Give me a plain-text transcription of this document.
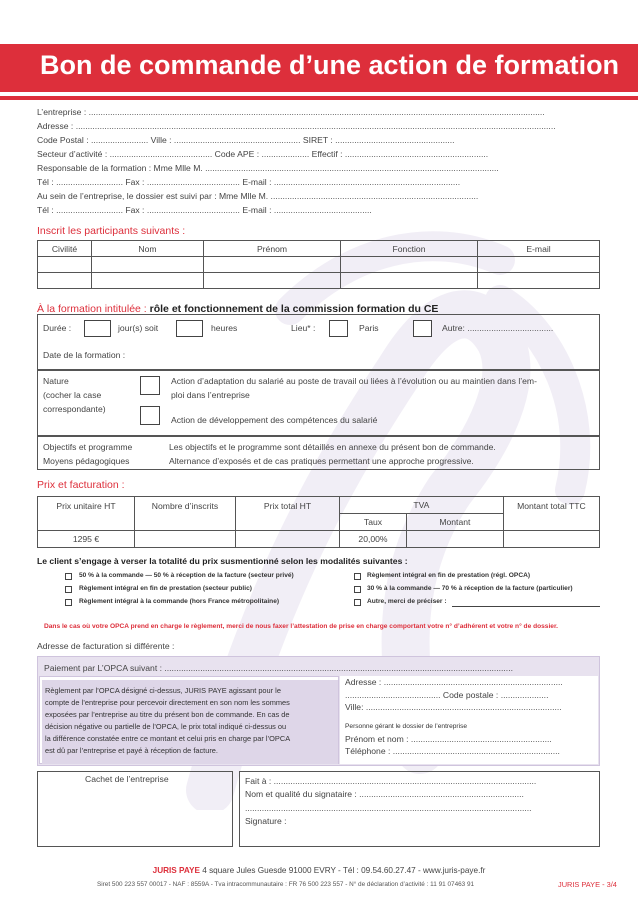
Bon de commande d’une action de formation
L’entreprise : ...............................................................................................................................................................................................
Adresse : .........................................................................................................................................................................................................
Code Postal : ........................ Ville : ..................................................... SIRET : ..................................................
Secteur d’activité : ........................................... Code APE : .................... Effectif : ............................................................
Responsable de la formation : Mme Mlle M. ...........................................................................................................................
Tél : ............................ Fax : ....................................... E-mail : ..............................................................................
Au sein de l’entreprise, le dossier est suivi par : Mme Mlle M. .......................................................................................
Tél : ............................ Fax : ....................................... E-mail : .........................................
Inscrit les participants suivants :
Civilité	Nom	Prénom	Fonction	E-mail

À la formation intitulée : rôle et fonctionnement de la commission formation du CE
Durée :	jour(s) soit	heures	Lieu* :	Paris	Autre: ....................................
Date de la formation :
Nature
(cocher la case
correspondante)
Action d’adaptation du salarié au poste de travail ou liées à l’évolution ou au maintien dans l’em-
ploi dans l’entreprise
Action de développement des compétences du salarié
Objectifs et programme	Les objectifs et le programme sont détaillés en annexe du présent bon de commande.
Moyens pédagogiques	Alternance d’exposés et de cas pratiques permettant une approche progressive.
Prix et facturation :
Prix unitaire HT	Nombre d’inscrits	Prix total HT	TVA		Montant total TTC
			Taux	Montant	
1295 €			20,00%		
Le client s’engage à verser la totalité du prix susmentionné selon les modalités suivantes :
50 % à la commande — 50 % à réception de la facture (secteur privé)
Règlement intégral en fin de prestation (secteur public)
Règlement intégral à la commande (hors France métropolitaine)
Règlement intégral en fin de prestation (régl. OPCA)
30 % à la commande — 70 % à réception de la facture (particulier)
Autre, merci de préciser :
Dans le cas où votre OPCA prend en charge le règlement, merci de nous faxer l’attestation de prise en charge comportant votre n° d’adhérent et votre n° de dossier.
Adresse de facturation si différente :
Paiement par L’OPCA suivant : ..................................................................................................................................................
Règlement par l’OPCA désigné ci-dessus, JURIS PAYE agissant pour le
compte de l’entreprise pour percevoir directement en son nom les sommes
exposées par l’entreprise au titre du présent bon de commande. En cas de
décision négative ou partielle de l’OPCA, le prix total indiqué ci-dessus ou
la différence constatée entre ce montant et celui pris en charge par l’OPCA
est dû par l’entreprise et payé à réception de facture.
Adresse : ...........................................................................
........................................ Code postale : ....................
Ville: ..................................................................................
Personne gérant le dossier de l’entreprise
Prénom et nom : ...........................................................
Téléphone : ......................................................................
Cachet de l’entreprise	Fait à : ..............................................................................................................
Nom et qualité du signataire : .....................................................................
........................................................................................................................
Signature :
JURIS PAYE 4 square Jules Guesde 91000 EVRY - Tél : 09.54.60.27.47 - www.juris-paye.fr
Siret 500 223 557 00017 - NAF : 8559A - Tva intracommunautaire : FR 76 500 223 557 - N° de déclaration d’activité : 11 91 07463 91	JURIS PAYE - 3/4
